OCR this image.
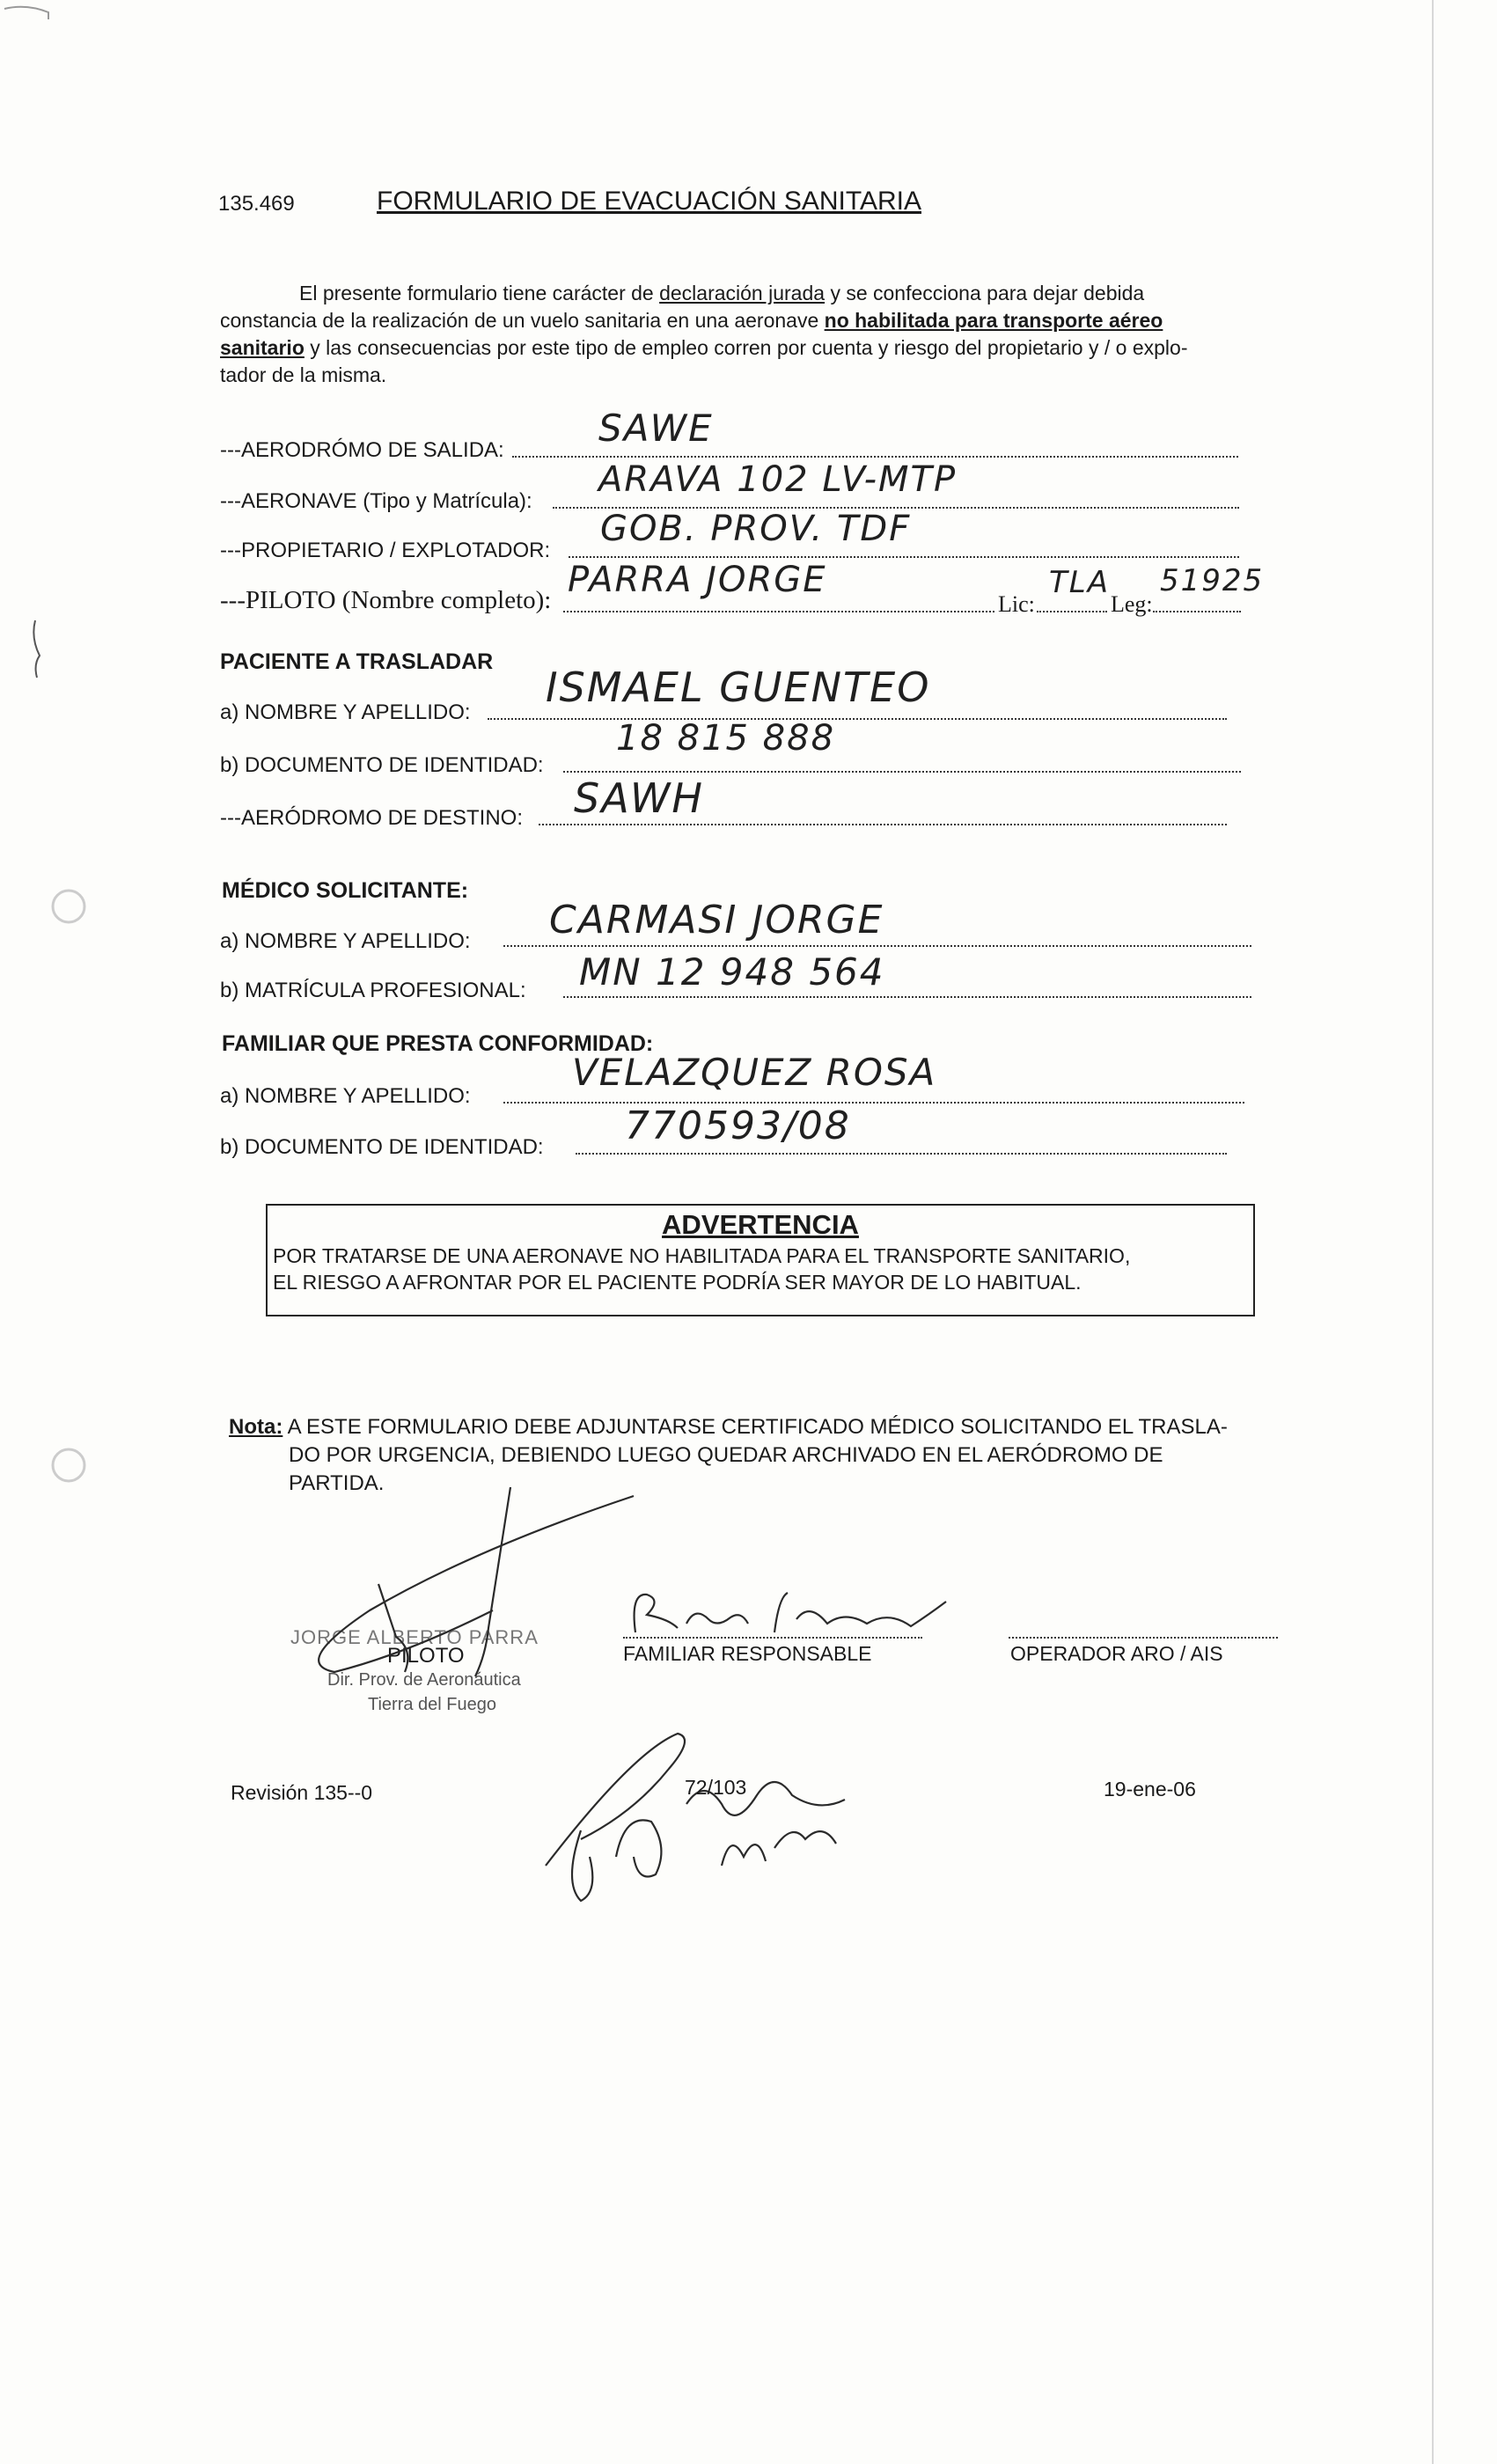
135.469	FORMULARIO DE EVACUACIÓN SANITARIA
El presente formulario tiene carácter de declaración jurada y se confecciona para dejar debida
constancia de la realización de un vuelo sanitaria en una aeronave no habilitada para transporte aéreo
sanitario y las consecuencias por este tipo de empleo corren por cuenta y riesgo del propietario y / o explo-
tador de la misma.
---AERODRÓMO DE SALIDA:
SAWE
---AERONAVE (Tipo y Matrícula):
ARAVA 102 LV-MTP
---PROPIETARIO / EXPLOTADOR:
GOB. PROV. TDF
---PILOTO (Nombre completo): PARRA JORGE
Lic:
TLA
Leg:
51925
PACIENTE A TRASLADAR
a) NOMBRE Y APELLIDO:
ISMAEL GUENTEO
b) DOCUMENTO DE IDENTIDAD:
18 815 888
---AERÓDROMO DE DESTINO: SAWH
MÉDICO SOLICITANTE:
a) NOMBRE Y APELLIDO: CARMASI JORGE
b) MATRÍCULA PROFESIONAL: MN 12 948 564
FAMILIAR QUE PRESTA CONFORMIDAD:
a) NOMBRE Y APELLIDO:
VELAZQUEZ ROSA
b) DOCUMENTO DE IDENTIDAD: 770593/08
ADVERTENCIA
POR TRATARSE DE UNA AERONAVE NO HABILITADA PARA EL TRANSPORTE SANITARIO,
EL RIESGO A AFRONTAR POR EL PACIENTE PODRÍA SER MAYOR DE LO HABITUAL.
Nota: A ESTE FORMULARIO DEBE ADJUNTARSE CERTIFICADO MÉDICO SOLICITANDO EL TRASLA-
DO POR URGENCIA, DEBIENDO LUEGO QUEDAR ARCHIVADO EN EL AERÓDROMO DE
PARTIDA.
JORGE ALBERTO PARRA
PILOTO
Dir. Prov. de Aeronáutica
Tierra del Fuego
FAMILIAR RESPONSABLE	OPERADOR ARO / AIS
Revisión 135--0	72/103	19-ene-06
